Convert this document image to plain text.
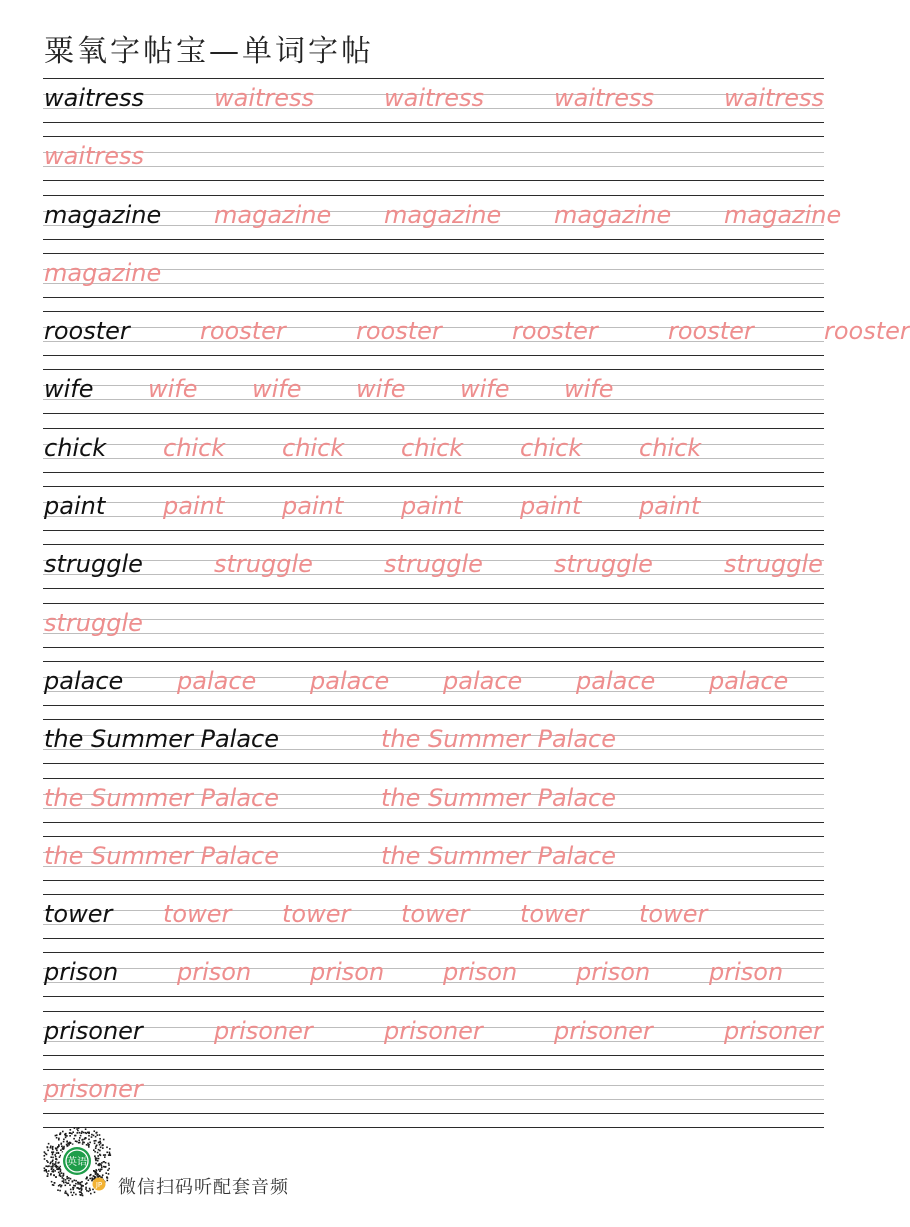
粟氧字帖宝—单词字帖
waitress	waitress	waitress	waitress	waitress
waitress
magazine magazine magazine magazine magazine
magazine
rooster	rooster	rooster	rooster	rooster	rooster
wife wife wife wife wife wife
chick chick chick chick chick chick
paint paint paint paint paint paint
struggle	struggle	struggle	struggle	struggle
struggle
palace palace palace palace palace palace
the Summer Palace	the Summer Palace
the Summer Palace	the Summer Palace
the Summer Palace	the Summer Palace
tower tower tower tower tower tower
prison prison prison prison prison prison
prisoner	prisoner	prisoner	prisoner	prisoner
prisoner
英语
JP 微信扫码听配套音频
